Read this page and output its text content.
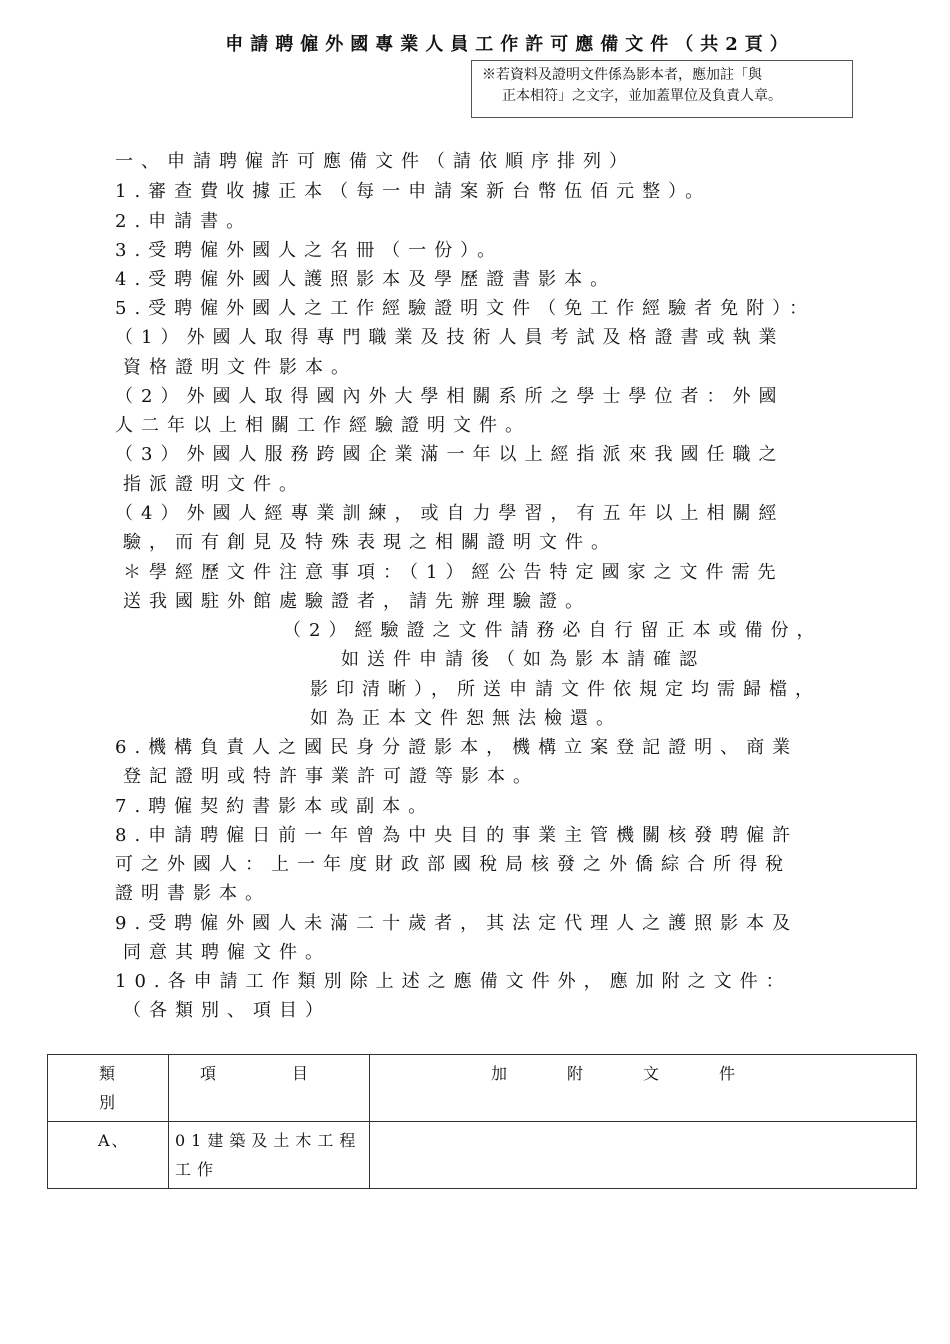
申請聘僱外國專業人員工作許可應備文件（共2頁）
※若資料及證明文件係為影本者，應加註「與
正本相符」之文字，並加蓋單位及負責人章。
一、申請聘僱許可應備文件（請依順序排列）
1.審查費收據正本（每一申請案新台幣伍佰元整）。
2.申請書。
3.受聘僱外國人之名冊（一份）。
4.受聘僱外國人護照影本及學歷證書影本。
5.受聘僱外國人之工作經驗證明文件（免工作經驗者免附）：
（1）外國人取得專門職業及技術人員考試及格證書或執業
資格證明文件影本。
（2）外國人取得國內外大學相關系所之學士學位者：外國
人二年以上相關工作經驗證明文件。
（3）外國人服務跨國企業滿一年以上經指派來我國任職之
指派證明文件。
（4）外國人經專業訓練，或自力學習，有五年以上相關經
驗，而有創見及特殊表現之相關證明文件。
＊學經歷文件注意事項：（1）經公告特定國家之文件需先
送我國駐外館處驗證者，請先辦理驗證。
（2）經驗證之文件請務必自行留正本或備份，
如送件申請後（如為影本請確認
影印清晰），所送申請文件依規定均需歸檔，
如為正本文件恕無法檢還。
6.機構負責人之國民身分證影本，機構立案登記證明、商業
登記證明或特許事業許可證等影本。
7.聘僱契約書影本或副本。
8.申請聘僱日前一年曾為中央目的事業主管機關核發聘僱許
可之外國人：上一年度財政部國稅局核發之外僑綜合所得稅
證明書影本。
9.受聘僱外國人未滿二十歲者，其法定代理人之護照影本及
同意其聘僱文件。
10.各申請工作類別除上述之應備文件外，應加附之文件：
（各類別、項目）
類別	項　目	加附文件

A、	01建築及土木工程工作	
